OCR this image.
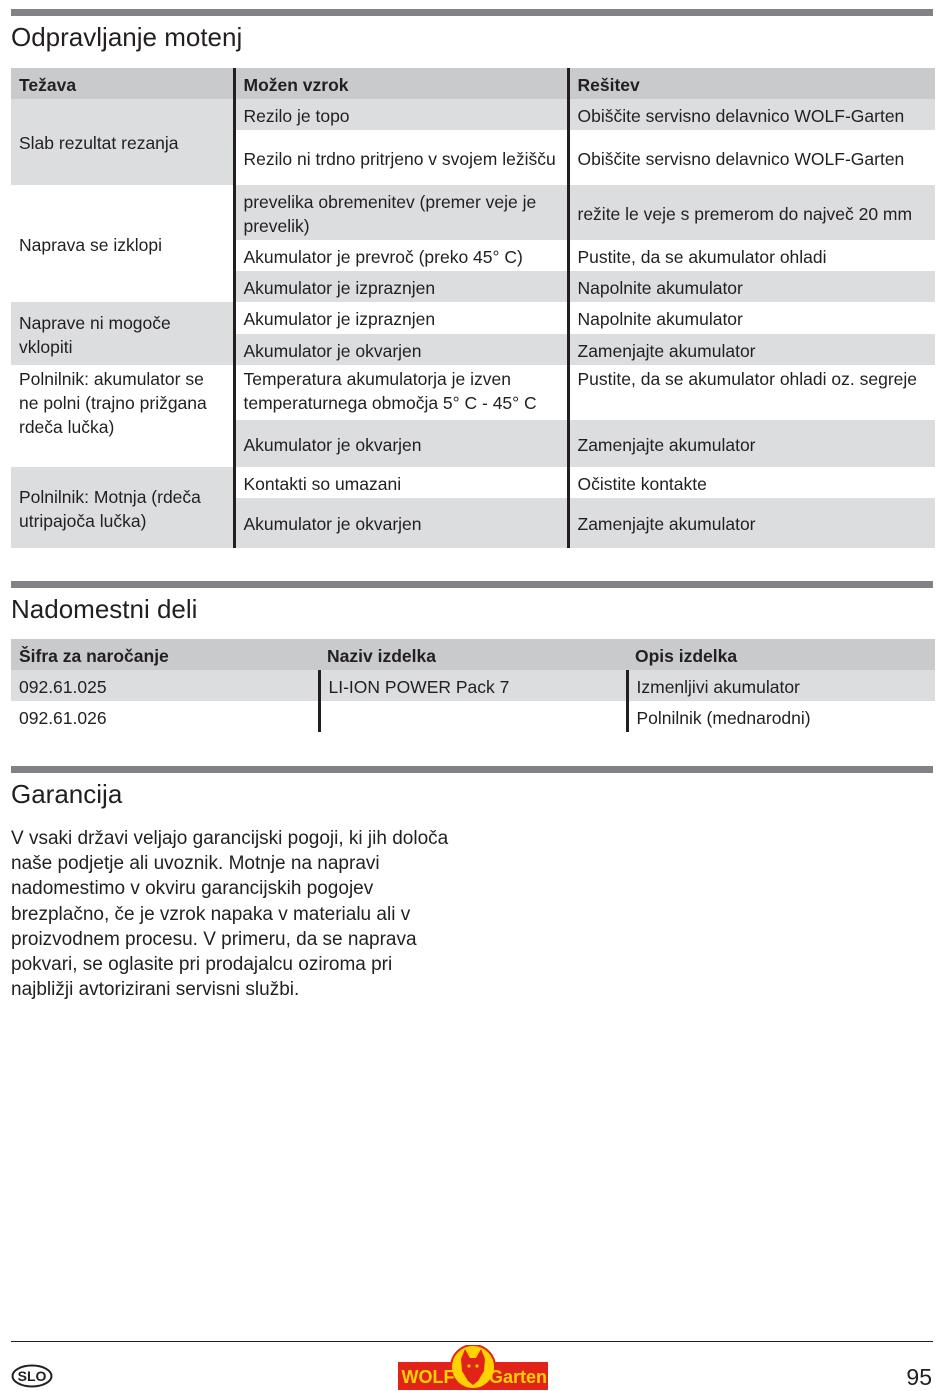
Odpravljanje motenj
Težava	Možen vzrok	Rešitev
Slab rezultat rezanja	Rezilo je topo	Obiščite servisno delavnico WOLF-Garten
	Rezilo ni trdno pritrjeno v svojem ležišču	Obiščite servisno delavnico WOLF-Garten
Naprava se izklopi	prevelika obremenitev (premer veje je prevelik)	režite le veje s premerom do največ 20 mm
	Akumulator je prevroč (preko 45° C)	Pustite, da se akumulator ohladi
	Akumulator je izpraznjen	Napolnite akumulator
Naprave ni mogoče vklopiti	Akumulator je izpraznjen	Napolnite akumulator
	Akumulator je okvarjen	Zamenjajte akumulator
Polnilnik: akumulator se ne polni (trajno prižgana rdeča lučka)	Temperatura akumulatorja je izven temperaturnega območja 5° C - 45° C	Pustite, da se akumulator ohladi oz. segreje
	Akumulator je okvarjen	Zamenjajte akumulator
Polnilnik: Motnja (rdeča utripajoča lučka)	Kontakti so umazani	Očistite kontakte
	Akumulator je okvarjen	Zamenjajte akumulator
Nadomestni deli
Šifra za naročanje	Naziv izdelka	Opis izdelka
092.61.025	LI-ION POWER Pack 7	Izmenljivi akumulator
092.61.026		Polnilnik (mednarodni)
Garancija

V vsaki državi veljajo garancijski pogoji, ki jih določa naše podjetje ali uvoznik. Motnje na napravi nadomestimo v okviru garancijskih pogojev brezplačno, če je vzrok napaka v materialu ali v proizvodnem procesu. V primeru, da se naprava pokvari, se oglasite pri prodajalcu oziroma pri najbližji avtorizirani servisni službi.

SLO	WOLF Garten	95
